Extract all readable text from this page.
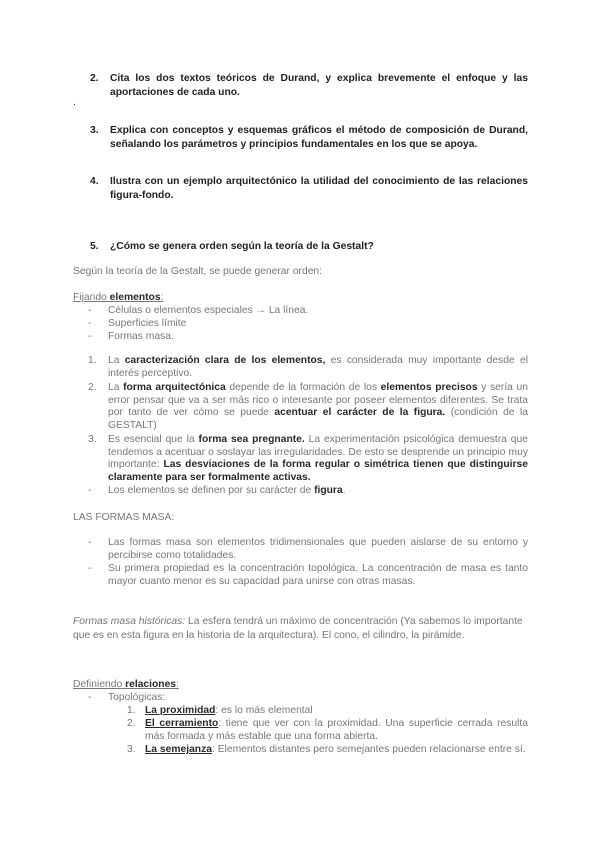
2. Cita los dos textos teóricos de Durand, y explica brevemente el enfoque y las aportaciones de cada uno.
.
3. Explica con conceptos y esquemas gráficos el método de composición de Durand, señalando los parámetros y principios fundamentales en los que se apoya.
4. Ilustra con un ejemplo arquitectónico la utilidad del conocimiento de las relaciones figura-fondo.
5. ¿Cómo se genera orden según la teoría de la Gestalt?
Según la teoría de la Gestalt, se puede generar orden:
Fijando elementos:
- Células o elementos especiales → La línea.
- Superficies límite
- Formas masa.
1. La caracterización clara de los elementos, es considerada muy importante desde el interés perceptivo.
2. La forma arquitectónica depende de la formación de los elementos precisos y sería un error pensar que va a ser más rico o interesante por poseer elementos diferentes. Se trata por tanto de ver cómo se puede acentuar el carácter de la figura. (condición de la GESTALT)
3. Es esencial que la forma sea pregnante. La experimentación psicológica demuestra que tendemos a acentuar o soslayar las irregularidades. De esto se desprende un principio muy importante: Las desviaciones de la forma regular o simétrica tienen que distinguirse claramente para ser formalmente activas.
- Los elementos se definen por su carácter de figura.
LAS FORMAS MASA:
- Las formas masa son elementos tridimensionales que pueden aislarse de su entorno y percibirse como totalidades.
- Su primera propiedad es la concentración topológica. La concentración de masa es tanto mayor cuanto menor es su capacidad para unirse con otras masas.
Formas masa históricas: La esfera tendrá un máximo de concentración (Ya sabemos lo importante que es en esta figura en la historia de la arquitectura). El cono, el cilindro, la pirámide.
Definiendo relaciones:
- Topológicas:
1. La proximidad: es lo más elemental
2. El cerramiento: tiene que ver con la proximidad. Una superficie cerrada resulta más formada y más estable que una forma abierta.
3. La semejanza: Elementos distantes pero semejantes pueden relacionarse entre sí.
